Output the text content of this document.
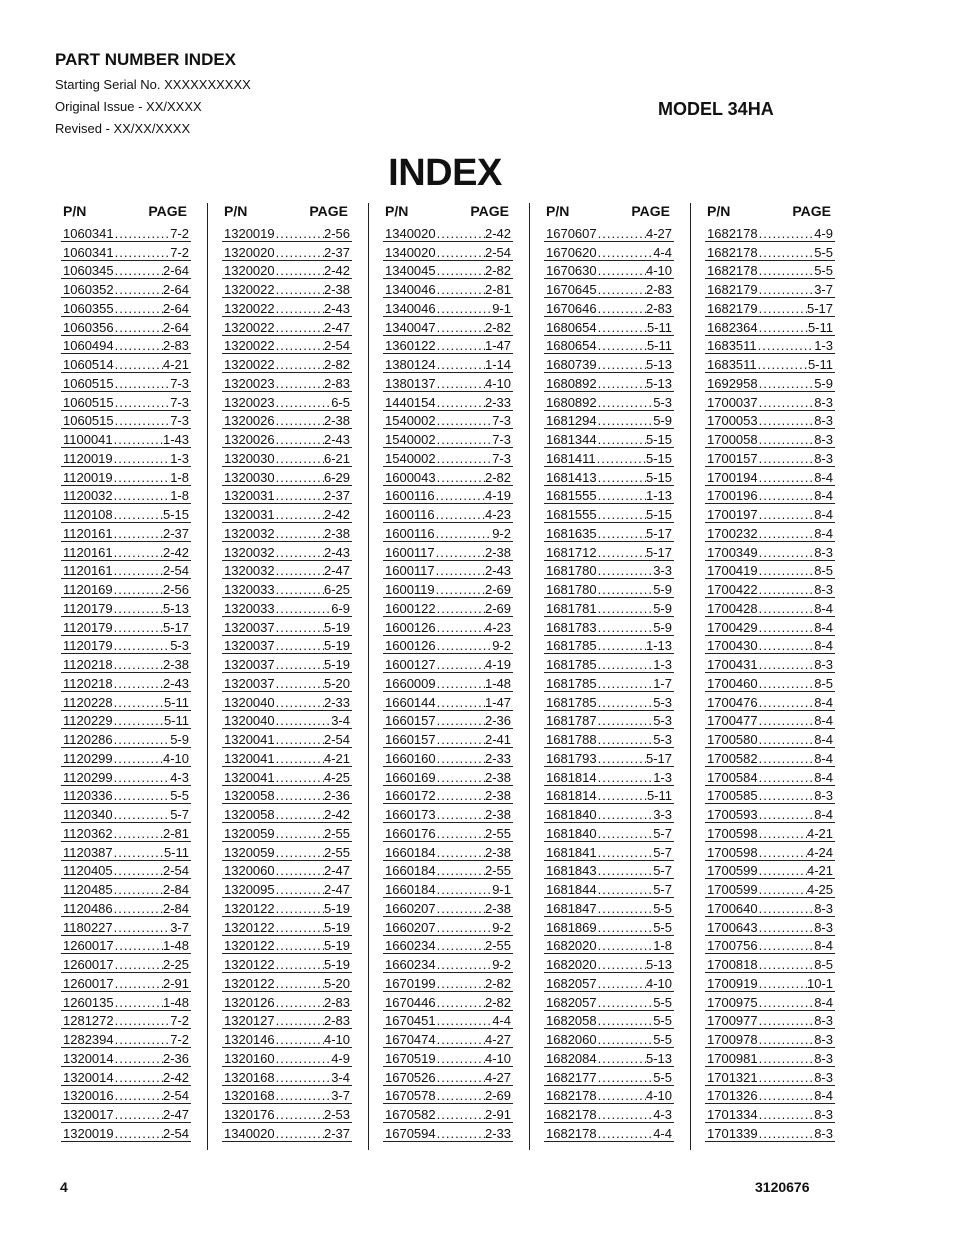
PART NUMBER INDEX
Starting Serial No. XXXXXXXXXX
Original Issue - XX/XXXX
Revised - XX/XX/XXXX
MODEL 34HA
INDEX
P/N	PAGE
1060341 .....	7-2
1060341 .....	7-2
1060345 .....	2-64
1060352 .....	2-64
1060355 .....	2-64
1060356 .....	2-64
1060494 .....	2-83
1060514 .....	4-21
1060515 .....	7-3
1060515 .....	7-3
1060515 .....	7-3
1100041 .....	1-43
1120019 .....	1-3
1120019 .....	1-8
1120032 .....	1-8
1120108 .....	5-15
1120161 .....	2-37
1120161 .....	2-42
1120161 .....	2-54
1120169 .....	2-56
1120179 .....	5-13
1120179 .....	5-17
1120179 .....	5-3
1120218 .....	2-38
1120218 .....	2-43
1120228 .....	5-11
1120229 .....	5-11
1120286 .....	5-9
1120299 .....	4-10
1120299 .....	4-3
1120336 .....	5-5
1120340 .....	5-7
1120362 .....	2-81
1120387 .....	5-11
1120405 .....	2-54
1120485 .....	2-84
1120486 .....	2-84
1180227 .....	3-7
1260017 .....	1-48
1260017 .....	2-25
1260017 .....	2-91
1260135 .....	1-48
1281272 .....	7-2
1282394 .....	7-2
1320014 .....	2-36
1320014 .....	2-42
1320016 .....	2-54
1320017 .....	2-47
1320019 .....	2-54
P/N	PAGE
1320019 .....	2-56
1320020 .....	2-37
1320020 .....	2-42
1320022 .....	2-38
1320022 .....	2-43
1320022 .....	2-47
1320022 .....	2-54
1320022 .....	2-82
1320023 .....	2-83
1320023 .....	6-5
1320026 .....	2-38
1320026 .....	2-43
1320030 .....	6-21
1320030 .....	6-29
1320031 .....	2-37
1320031 .....	2-42
1320032 .....	2-38
1320032 .....	2-43
1320032 .....	2-47
1320033 .....	6-25
1320033 .....	6-9
1320037 .....	5-19
1320037 .....	5-19
1320037 .....	5-19
1320037 .....	5-20
1320040 .....	2-33
1320040 .....	3-4
1320041 .....	2-54
1320041 .....	4-21
1320041 .....	4-25
1320058 .....	2-36
1320058 .....	2-42
1320059 .....	2-55
1320059 .....	2-55
1320060 .....	2-47
1320095 .....	2-47
1320122 .....	5-19
1320122 .....	5-19
1320122 .....	5-19
1320122 .....	5-19
1320122 .....	5-20
1320126 .....	2-83
1320127 .....	2-83
1320146 .....	4-10
1320160 .....	4-9
1320168 .....	3-4
1320168 .....	3-7
1320176 .....	2-53
1340020 .....	2-37
P/N	PAGE
1340020 .....	2-42
1340020 .....	2-54
1340045 .....	2-82
1340046 .....	2-81
1340046 .....	9-1
1340047 .....	2-82
1360122 .....	1-47
1380124 .....	1-14
1380137 .....	4-10
1440154 .....	2-33
1540002 .....	7-3
1540002 .....	7-3
1540002 .....	7-3
1600043 .....	2-82
1600116 .....	4-19
1600116 .....	4-23
1600116 .....	9-2
1600117 .....	2-38
1600117 .....	2-43
1600119 .....	2-69
1600122 .....	2-69
1600126 .....	4-23
1600126 .....	9-2
1600127 .....	4-19
1660009 .....	1-48
1660144 .....	1-47
1660157 .....	2-36
1660157 .....	2-41
1660160 .....	2-33
1660169 .....	2-38
1660172 .....	2-38
1660173 .....	2-38
1660176 .....	2-55
1660184 .....	2-38
1660184 .....	2-55
1660184 .....	9-1
1660207 .....	2-38
1660207 .....	9-2
1660234 .....	2-55
1660234 .....	9-2
1670199 .....	2-82
1670446 .....	2-82
1670451 .....	4-4
1670474 .....	4-27
1670519 .....	4-10
1670526 .....	4-27
1670578 .....	2-69
1670582 .....	2-91
1670594 .....	2-33
P/N	PAGE
1670607 .....	4-27
1670620 .....	4-4
1670630 .....	4-10
1670645 .....	2-83
1670646 .....	2-83
1680654 .....	5-11
1680654 .....	5-11
1680739 .....	5-13
1680892 .....	5-13
1680892 .....	5-3
1681294 .....	5-9
1681344 .....	5-15
1681411 .....	5-15
1681413 .....	5-15
1681555 .....	1-13
1681555 .....	5-15
1681635 .....	5-17
1681712 .....	5-17
1681780 .....	3-3
1681780 .....	5-9
1681781 .....	5-9
1681783 .....	5-9
1681785 .....	1-13
1681785 .....	1-3
1681785 .....	1-7
1681785 .....	5-3
1681787 .....	5-3
1681788 .....	5-3
1681793 .....	5-17
1681814 .....	1-3
1681814 .....	5-11
1681840 .....	3-3
1681840 .....	5-7
1681841 .....	5-7
1681843 .....	5-7
1681844 .....	5-7
1681847 .....	5-5
1681869 .....	5-5
1682020 .....	1-8
1682020 .....	5-13
1682057 .....	4-10
1682057 .....	5-5
1682058 .....	5-5
1682060 .....	5-5
1682084 .....	5-13
1682177 .....	5-5
1682178 .....	4-10
1682178 .....	4-3
1682178 .....	4-4
P/N	PAGE
1682178 .....	4-9
1682178 .....	5-5
1682178 .....	5-5
1682179 .....	3-7
1682179 .....	5-17
1682364 .....	5-11
1683511 .....	1-3
1683511 .....	5-11
1692958 .....	5-9
1700037 .....	8-3
1700053 .....	8-3
1700058 .....	8-3
1700157 .....	8-3
1700194 .....	8-4
1700196 .....	8-4
1700197 .....	8-4
1700232 .....	8-4
1700349 .....	8-3
1700419 .....	8-5
1700422 .....	8-3
1700428 .....	8-4
1700429 .....	8-4
1700430 .....	8-4
1700431 .....	8-3
1700460 .....	8-5
1700476 .....	8-4
1700477 .....	8-4
1700580 .....	8-4
1700582 .....	8-4
1700584 .....	8-4
1700585 .....	8-3
1700593 .....	8-4
1700598 .....	4-21
1700598 .....	4-24
1700599 .....	4-21
1700599 .....	4-25
1700640 .....	8-3
1700643 .....	8-3
1700756 .....	8-4
1700818 .....	8-5
1700919 .....	10-1
1700975 .....	8-4
1700977 .....	8-3
1700978 .....	8-3
1700981 .....	8-3
1701321 .....	8-3
1701326 .....	8-4
1701334 .....	8-3
1701339 .....	8-3
4	3120676
